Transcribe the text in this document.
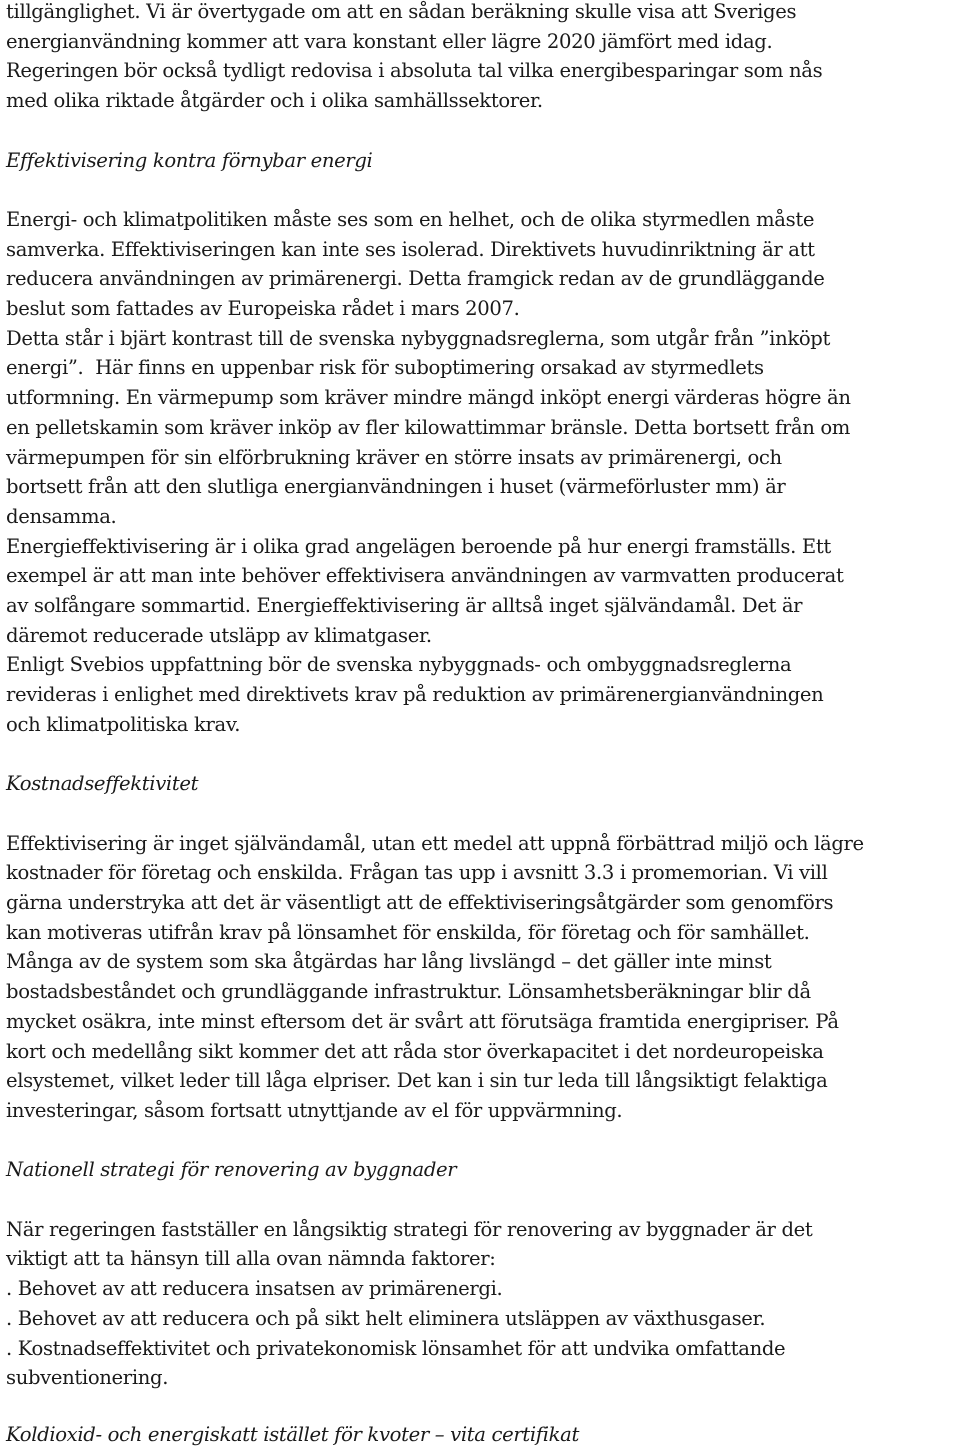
tillgänglighet. Vi är övertygade om att en sådan beräkning skulle visa att Sveriges
energianvändning kommer att vara konstant eller lägre 2020 jämfört med idag.
Regeringen bör också tydligt redovisa i absoluta tal vilka energibesparingar som nås
med olika riktade åtgärder och i olika samhällssektorer.
Effektivisering kontra förnybar energi
Energi- och klimatpolitiken måste ses som en helhet, och de olika styrmedlen måste
samverka. Effektiviseringen kan inte ses isolerad. Direktivets huvudinriktning är att
reducera användningen av primärenergi. Detta framgick redan av de grundläggande
beslut som fattades av Europeiska rådet i mars 2007.
Detta står i bjärt kontrast till de svenska nybyggnadsreglerna, som utgår från ”inköpt
energi”.  Här finns en uppenbar risk för suboptimering orsakad av styrmedlets
utformning. En värmepump som kräver mindre mängd inköpt energi värderas högre än
en pelletskamin som kräver inköp av fler kilowattimmar bränsle. Detta bortsett från om
värmepumpen för sin elförbrukning kräver en större insats av primärenergi, och
bortsett från att den slutliga energianvändningen i huset (värmeförluster mm) är
densamma.
Energieffektivisering är i olika grad angelägen beroende på hur energi framställs. Ett
exempel är att man inte behöver effektivisera användningen av varmvatten producerat
av solfångare sommartid. Energieffektivisering är alltså inget självändamål. Det är
däremot reducerade utsläpp av klimatgaser.
Enligt Svebios uppfattning bör de svenska nybyggnads- och ombyggnadsreglerna
revideras i enlighet med direktivets krav på reduktion av primärenergianvändningen
och klimatpolitiska krav.
Kostnadseffektivitet
Effektivisering är inget självändamål, utan ett medel att uppnå förbättrad miljö och lägre
kostnader för företag och enskilda. Frågan tas upp i avsnitt 3.3 i promemorian. Vi vill
gärna understryka att det är väsentligt att de effektiviseringsåtgärder som genomförs
kan motiveras utifrån krav på lönsamhet för enskilda, för företag och för samhället.
Många av de system som ska åtgärdas har lång livslängd – det gäller inte minst
bostadsbeståndet och grundläggande infrastruktur. Lönsamhetsberäkningar blir då
mycket osäkra, inte minst eftersom det är svårt att förutsäga framtida energipriser. På
kort och medellång sikt kommer det att råda stor överkapacitet i det nordeuropeiska
elsystemet, vilket leder till låga elpriser. Det kan i sin tur leda till långsiktigt felaktiga
investeringar, såsom fortsatt utnyttjande av el för uppvärmning.
Nationell strategi för renovering av byggnader
När regeringen fastställer en långsiktig strategi för renovering av byggnader är det
viktigt att ta hänsyn till alla ovan nämnda faktorer:
. Behovet av att reducera insatsen av primärenergi.
. Behovet av att reducera och på sikt helt eliminera utsläppen av växthusgaser.
. Kostnadseffektivitet och privatekonomisk lönsamhet för att undvika omfattande
subventionering.
Koldioxid- och energiskatt istället för kvoter – vita certifikat
